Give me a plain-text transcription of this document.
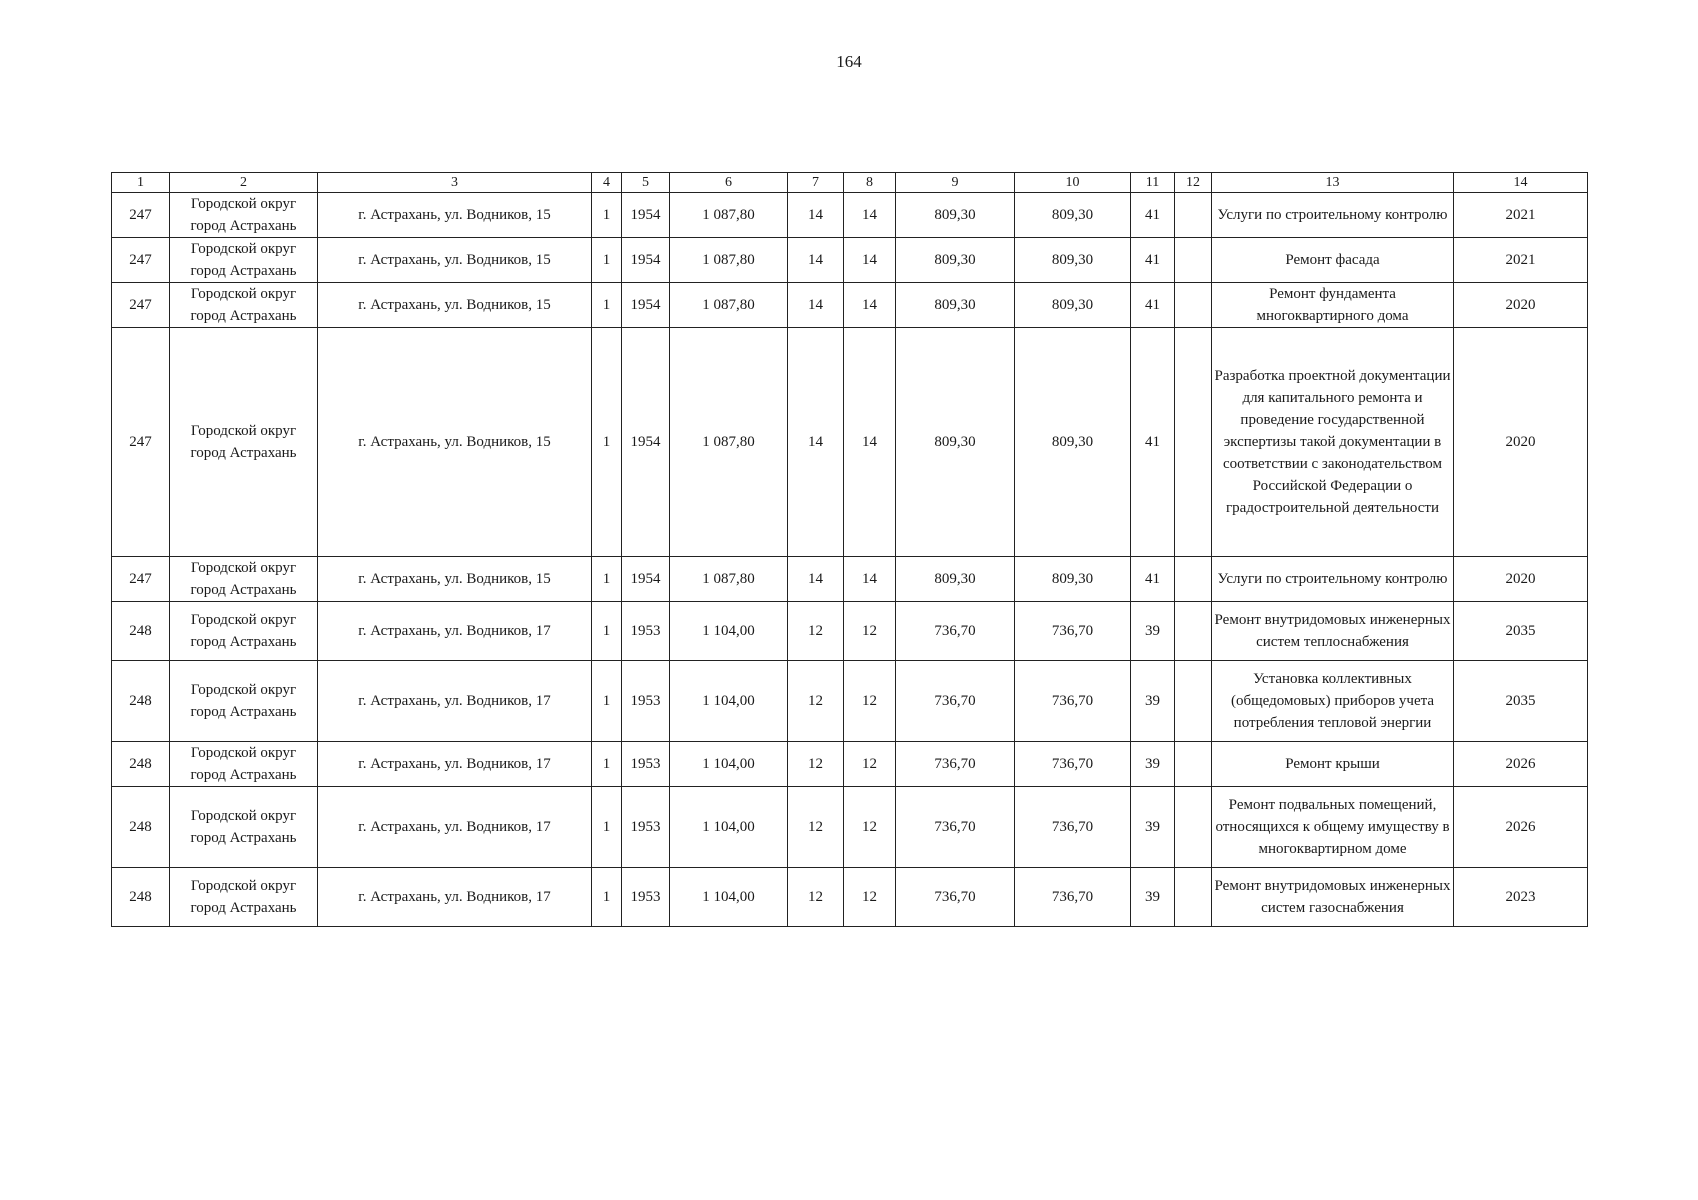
164
1	2	3	4	5	6	7	8	9	10	11	12	13	14
247	Городской округ город Астрахань	г. Астрахань, ул. Водников, 15	1	1954	1 087,80	14	14	809,30	809,30	41		Услуги по строительному контролю	2021
247	Городской округ город Астрахань	г. Астрахань, ул. Водников, 15	1	1954	1 087,80	14	14	809,30	809,30	41		Ремонт фасада	2021
247	Городской округ город Астрахань	г. Астрахань, ул. Водников, 15	1	1954	1 087,80	14	14	809,30	809,30	41		Ремонт фундамента многоквартирного дома	2020
247	Городской округ город Астрахань	г. Астрахань, ул. Водников, 15	1	1954	1 087,80	14	14	809,30	809,30	41		Разработка проектной документации для капитального ремонта и проведение государственной экспертизы такой документации в соответствии с законодательством Российской Федерации о градостроительной деятельности	2020
247	Городской округ город Астрахань	г. Астрахань, ул. Водников, 15	1	1954	1 087,80	14	14	809,30	809,30	41		Услуги по строительному контролю	2020
248	Городской округ город Астрахань	г. Астрахань, ул. Водников, 17	1	1953	1 104,00	12	12	736,70	736,70	39		Ремонт внутридомовых инженерных систем теплоснабжения	2035
248	Городской округ город Астрахань	г. Астрахань, ул. Водников, 17	1	1953	1 104,00	12	12	736,70	736,70	39		Установка коллективных (общедомовых) приборов учета потребления тепловой энергии	2035
248	Городской округ город Астрахань	г. Астрахань, ул. Водников, 17	1	1953	1 104,00	12	12	736,70	736,70	39		Ремонт крыши	2026
248	Городской округ город Астрахань	г. Астрахань, ул. Водников, 17	1	1953	1 104,00	12	12	736,70	736,70	39		Ремонт подвальных помещений, относящихся к общему имуществу в многоквартирном доме	2026
248	Городской округ город Астрахань	г. Астрахань, ул. Водников, 17	1	1953	1 104,00	12	12	736,70	736,70	39		Ремонт внутридомовых инженерных систем газоснабжения	2023
